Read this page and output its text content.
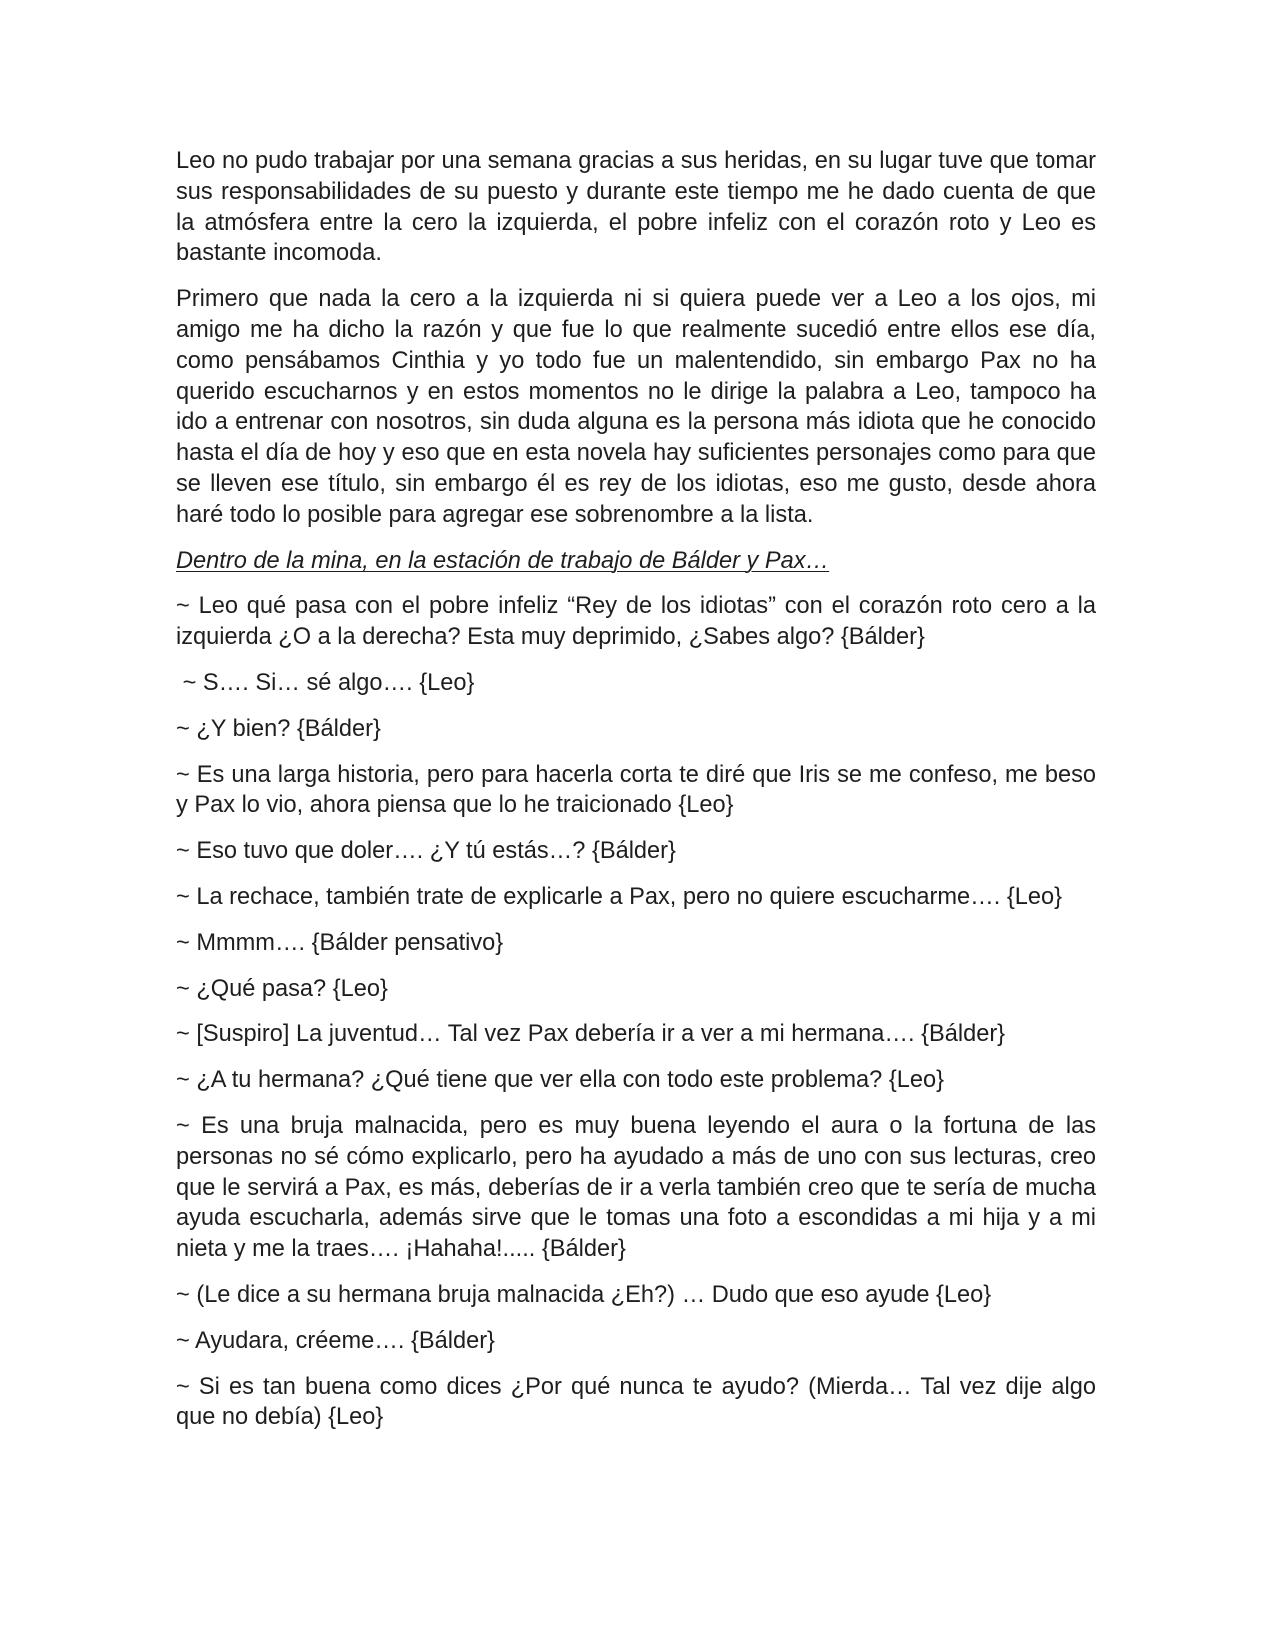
Leo no pudo trabajar por una semana gracias a sus heridas, en su lugar tuve que tomar sus responsabilidades de su puesto y durante este tiempo me he dado cuenta de que la atmósfera entre la cero la izquierda, el pobre infeliz con el corazón roto y Leo es bastante incomoda.

Primero que nada la cero a la izquierda ni si quiera puede ver a Leo a los ojos, mi amigo me ha dicho la razón y que fue lo que realmente sucedió entre ellos ese día, como pensábamos Cinthia y yo todo fue un malentendido, sin embargo Pax no ha querido escucharnos y en estos momentos no le dirige la palabra a Leo, tampoco ha ido a entrenar con nosotros, sin duda alguna es la persona más idiota que he conocido hasta el día de hoy y eso que en esta novela hay suficientes personajes como para que se lleven ese título, sin embargo él es rey de los idiotas, eso me gusto, desde ahora haré todo lo posible para agregar ese sobrenombre a la lista.

Dentro de la mina, en la estación de trabajo de Bálder y Pax…

~ Leo qué pasa con el pobre infeliz “Rey de los idiotas” con el corazón roto cero a la izquierda ¿O a la derecha? Esta muy deprimido, ¿Sabes algo? {Bálder}

~ S…. Si… sé algo…. {Leo}

~ ¿Y bien? {Bálder}

~ Es una larga historia, pero para hacerla corta te diré que Iris se me confeso, me beso y Pax lo vio, ahora piensa que lo he traicionado {Leo}

~ Eso tuvo que doler…. ¿Y tú estás…? {Bálder}

~ La rechace, también trate de explicarle a Pax, pero no quiere escucharme…. {Leo}

~ Mmmm…. {Bálder pensativo}

~ ¿Qué pasa? {Leo}

~ [Suspiro] La juventud… Tal vez Pax debería ir a ver a mi hermana…. {Bálder}

~ ¿A tu hermana? ¿Qué tiene que ver ella con todo este problema? {Leo}

~ Es una bruja malnacida, pero es muy buena leyendo el aura o la fortuna de las personas no sé cómo explicarlo, pero ha ayudado a más de uno con sus lecturas, creo que le servirá a Pax, es más, deberías de ir a verla también creo que te sería de mucha ayuda escucharla, además sirve que le tomas una foto a escondidas a mi hija y a mi nieta y me la traes…. ¡Hahaha!..... {Bálder}

~ (Le dice a su hermana bruja malnacida ¿Eh?) … Dudo que eso ayude {Leo}

~ Ayudara, créeme…. {Bálder}

~ Si es tan buena como dices ¿Por qué nunca te ayudo? (Mierda… Tal vez dije algo que no debía) {Leo}
